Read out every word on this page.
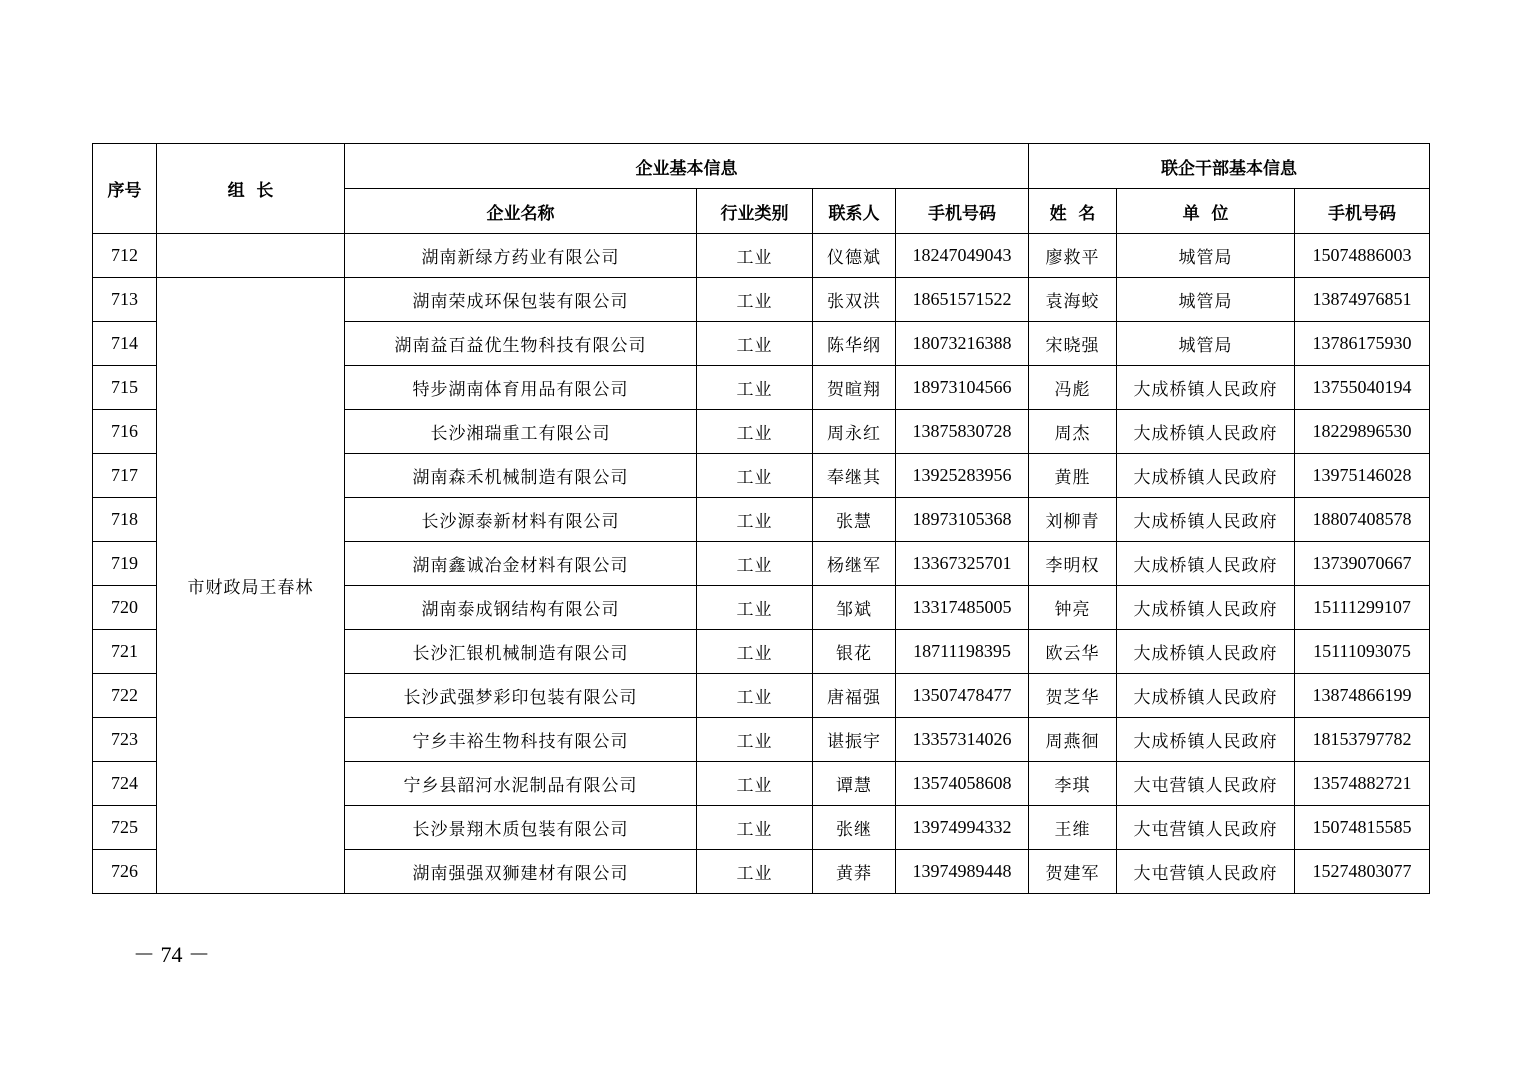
序号	组  长	企业基本信息				联企干部基本信息		
		企业名称	行业类别	联系人	手机号码	姓  名	单  位	手机号码
712		湖南新绿方药业有限公司	工业	仪德斌	18247049043	廖救平	城管局	15074886003
713	市财政局王春林	湖南荣成环保包装有限公司	工业	张双洪	18651571522	袁海蛟	城管局	13874976851
714		湖南益百益优生物科技有限公司	工业	陈华纲	18073216388	宋晓强	城管局	13786175930
715		特步湖南体育用品有限公司	工业	贺暄翔	18973104566	冯彪	大成桥镇人民政府	13755040194
716		长沙湘瑞重工有限公司	工业	周永红	13875830728	周杰	大成桥镇人民政府	18229896530
717		湖南森禾机械制造有限公司	工业	奉继其	13925283956	黄胜	大成桥镇人民政府	13975146028
718		长沙源泰新材料有限公司	工业	张慧	18973105368	刘柳青	大成桥镇人民政府	18807408578
719		湖南鑫诚冶金材料有限公司	工业	杨继军	13367325701	李明权	大成桥镇人民政府	13739070667
720		湖南泰成钢结构有限公司	工业	邹斌	13317485005	钟亮	大成桥镇人民政府	15111299107
721		长沙汇银机械制造有限公司	工业	银花	18711198395	欧云华	大成桥镇人民政府	15111093075
722		长沙武强梦彩印包装有限公司	工业	唐福强	13507478477	贺芝华	大成桥镇人民政府	13874866199
723		宁乡丰裕生物科技有限公司	工业	谌振宇	13357314026	周燕徊	大成桥镇人民政府	18153797782
724		宁乡县韶河水泥制品有限公司	工业	谭慧	13574058608	李琪	大屯营镇人民政府	13574882721
725		长沙景翔木质包装有限公司	工业	张继	13974994332	王维	大屯营镇人民政府	15074815585
726		湖南强强双狮建材有限公司	工业	黄莽	13974989448	贺建军	大屯营镇人民政府	15274803077
－ 74 －
